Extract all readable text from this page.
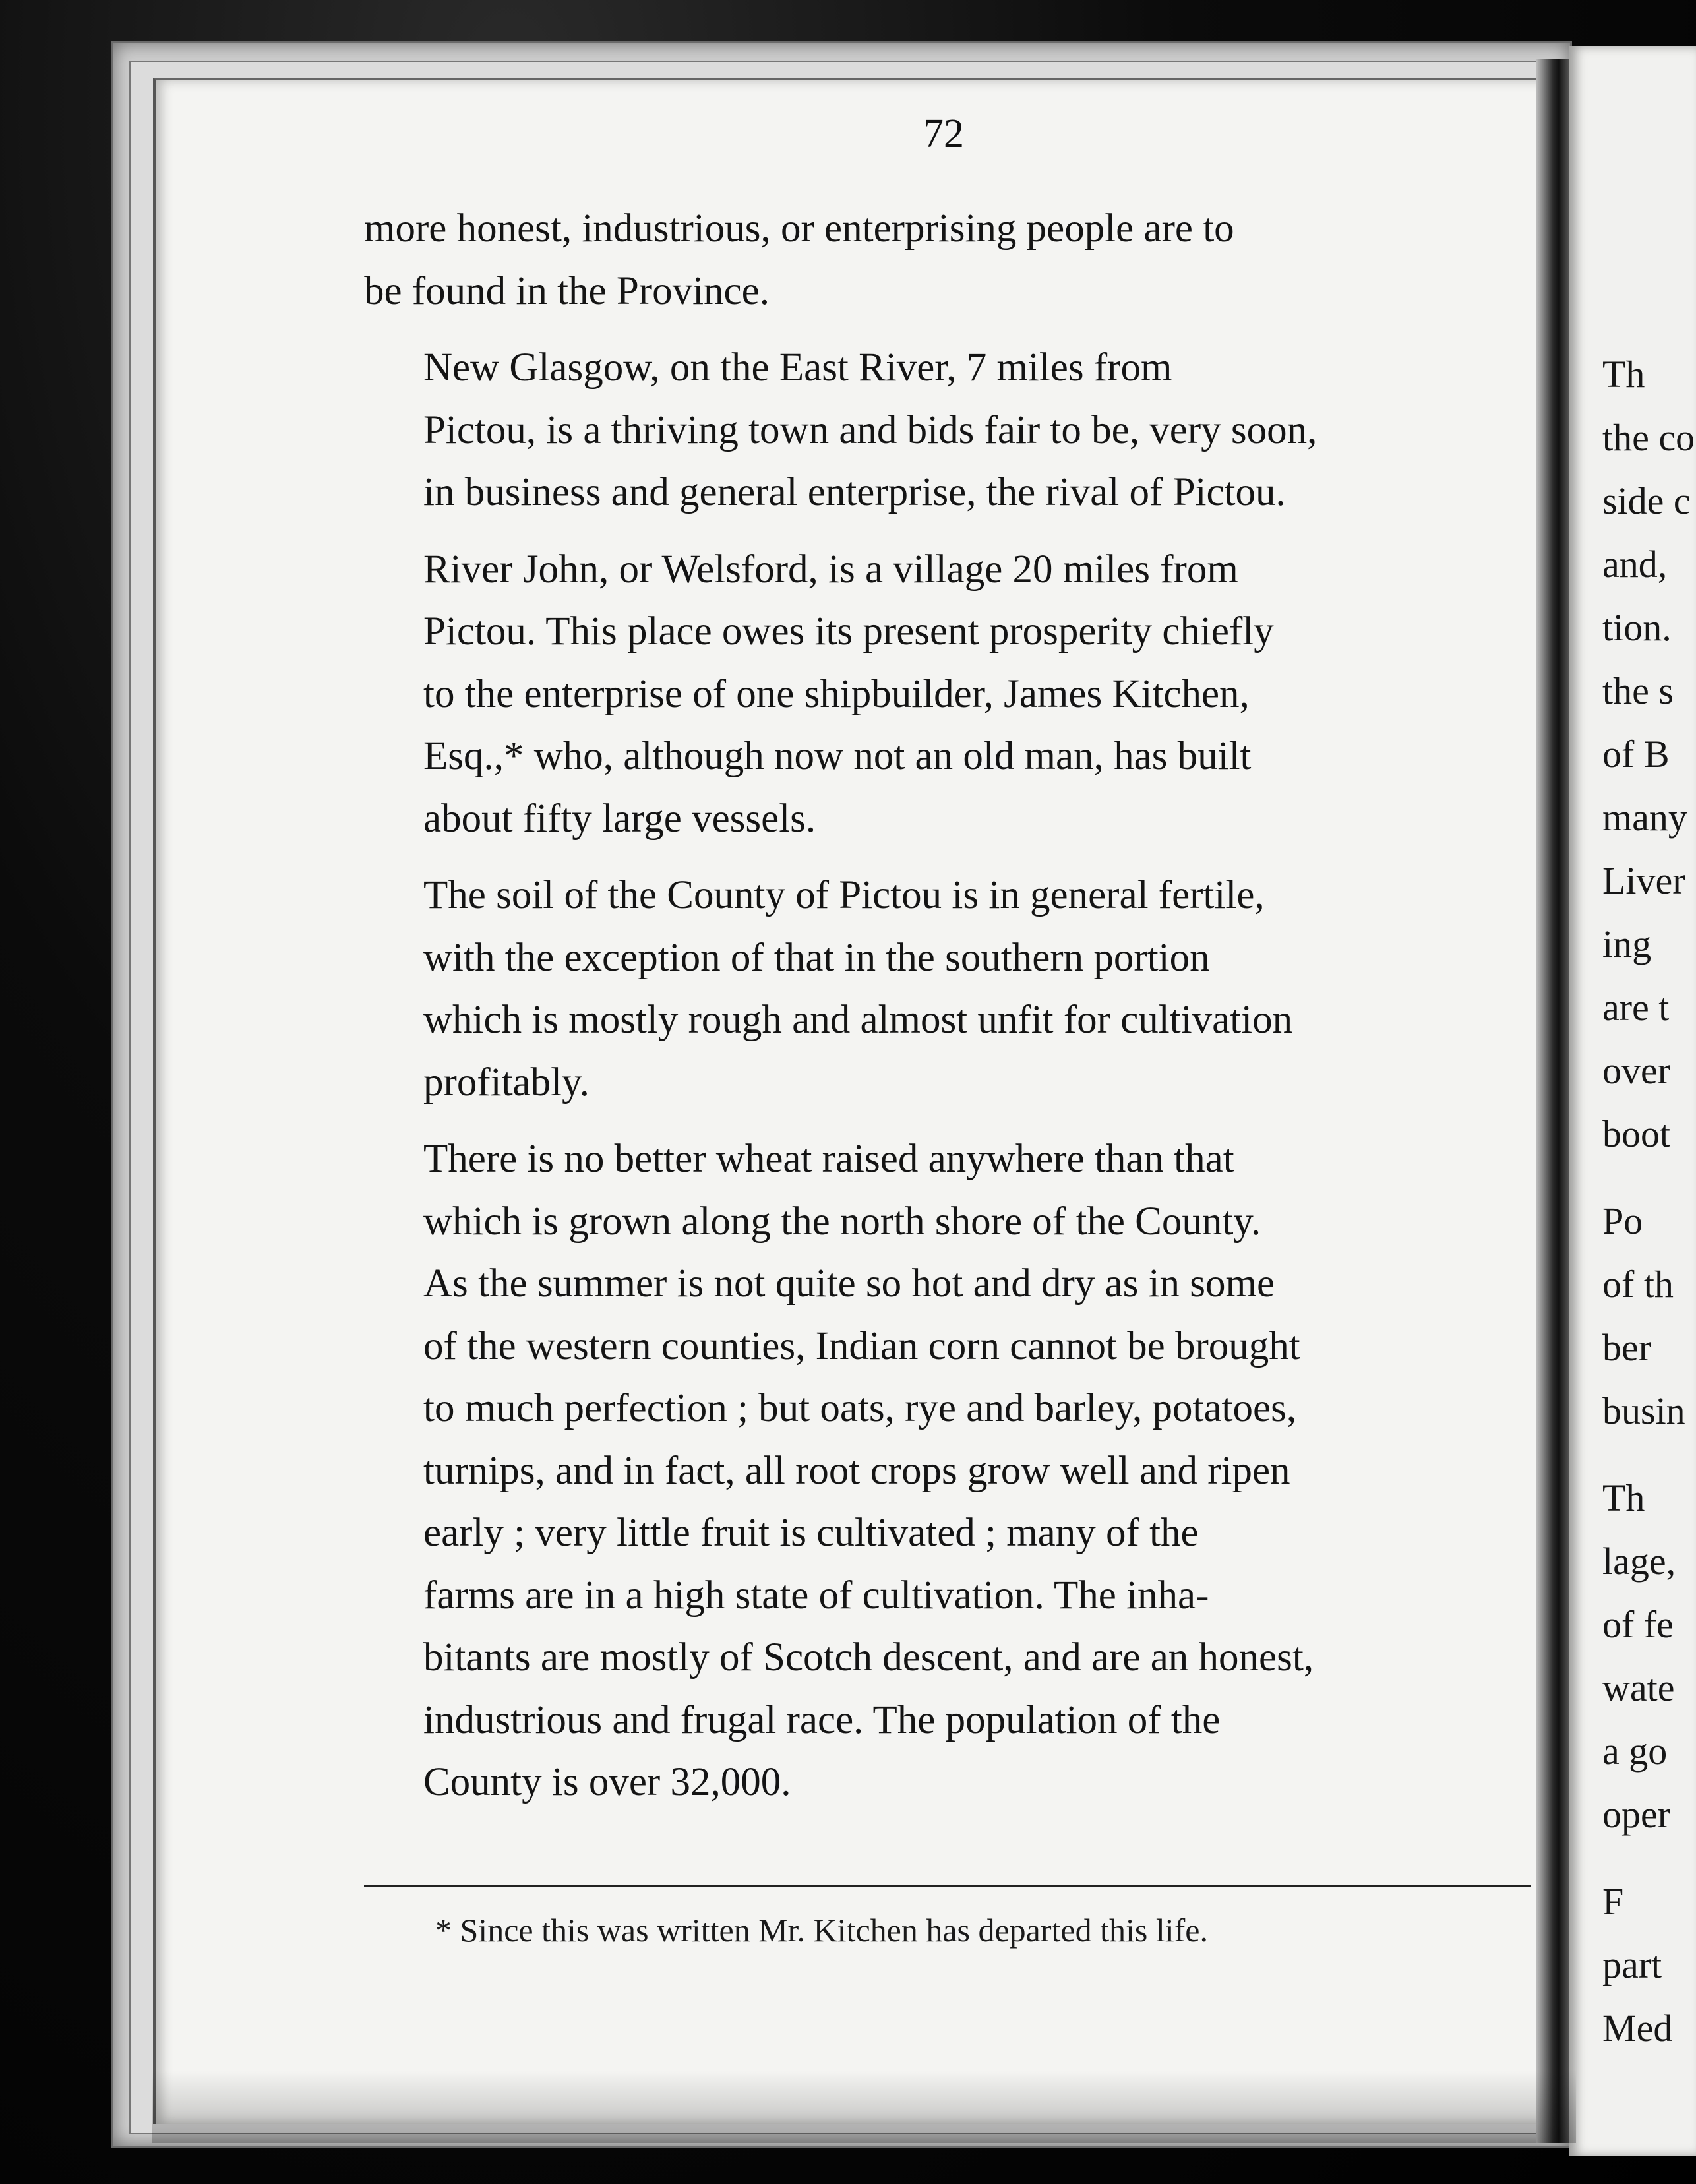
Th
the co
side c
and,
tion.
the s
of B
many
Liver
ing
are t
over
boot
Po
of th
ber
busin
Th
lage,
of fe
wate
a go
oper
F
part
Med
72
more honest, industrious, or enterprising people are to
be found in the Province.
New Glasgow, on the East River, 7 miles from
Pictou, is a thriving town and bids fair to be, very soon,
in business and general enterprise, the rival of Pictou.
River John, or Welsford, is a village 20 miles from
Pictou. This place owes its present prosperity chiefly
to the enterprise of one shipbuilder, James Kitchen,
Esq.,* who, although now not an old man, has built
about fifty large vessels.
The soil of the County of Pictou is in general fertile,
with the exception of that in the southern portion
which is mostly rough and almost unfit for cultivation
profitably.
There is no better wheat raised anywhere than that
which is grown along the north shore of the County.
As the summer is not quite so hot and dry as in some
of the western counties, Indian corn cannot be brought
to much perfection ; but oats, rye and barley, potatoes,
turnips, and in fact, all root crops grow well and ripen
early ; very little fruit is cultivated ; many of the
farms are in a high state of cultivation. The inha-
bitants are mostly of Scotch descent, and are an honest,
industrious and frugal race. The population of the
County is over 32,000.
* Since this was written Mr. Kitchen has departed this life.
